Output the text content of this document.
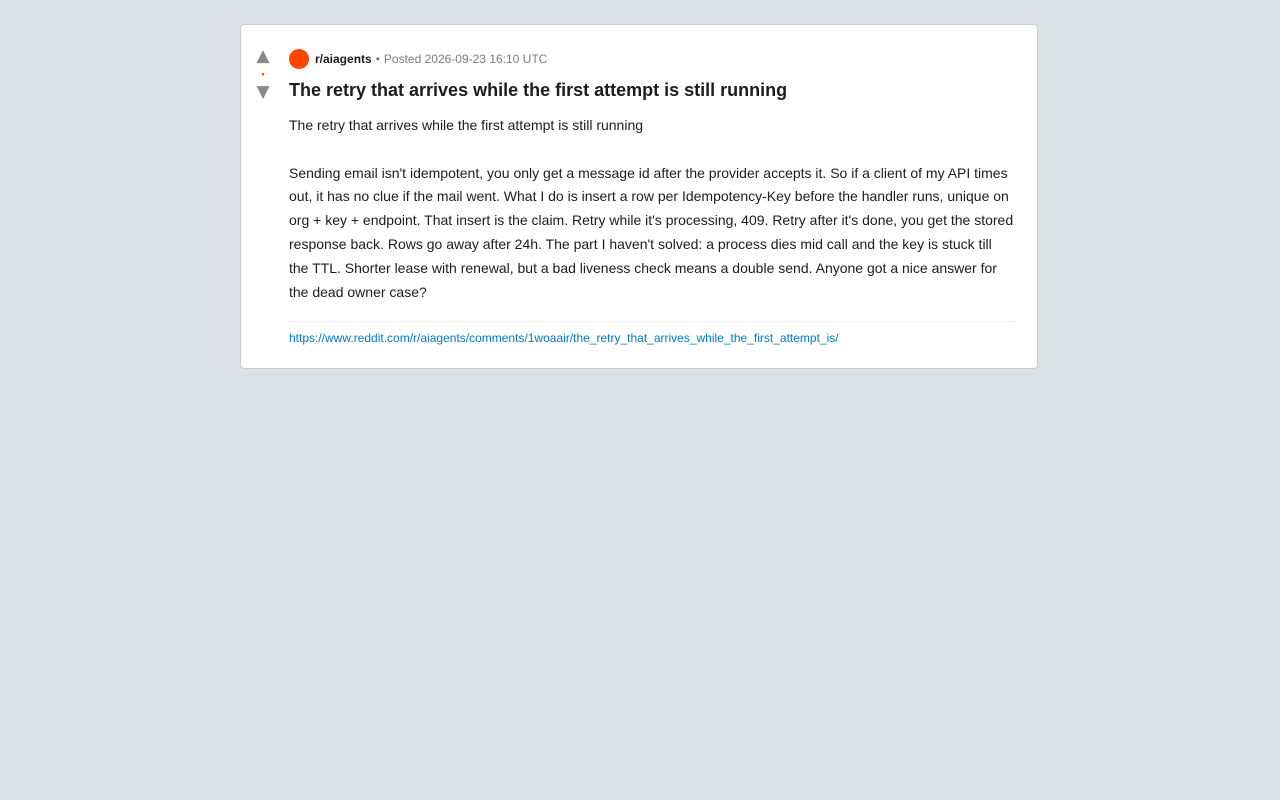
▲
•
▼
r/aiagents • Posted 2026-09-23 16:10 UTC
The retry that arrives while the first attempt is still running

The retry that arrives while the first attempt is still running

Sending email isn't idempotent, you only get a message id after the provider accepts it. So if a client of my API times out, it has no clue if the mail went. What I do is insert a row per Idempotency-Key before the handler runs, unique on org + key + endpoint. That insert is the claim. Retry while it's processing, 409. Retry after it's done, you get the stored response back. Rows go away after 24h. The part I haven't solved: a process dies mid call and the key is stuck till the TTL. Shorter lease with renewal, but a bad liveness check means a double send. Anyone got a nice answer for the dead owner case?

https://www.reddit.com/r/aiagents/comments/1woaair/the_retry_that_arrives_while_the_first_attempt_is/
